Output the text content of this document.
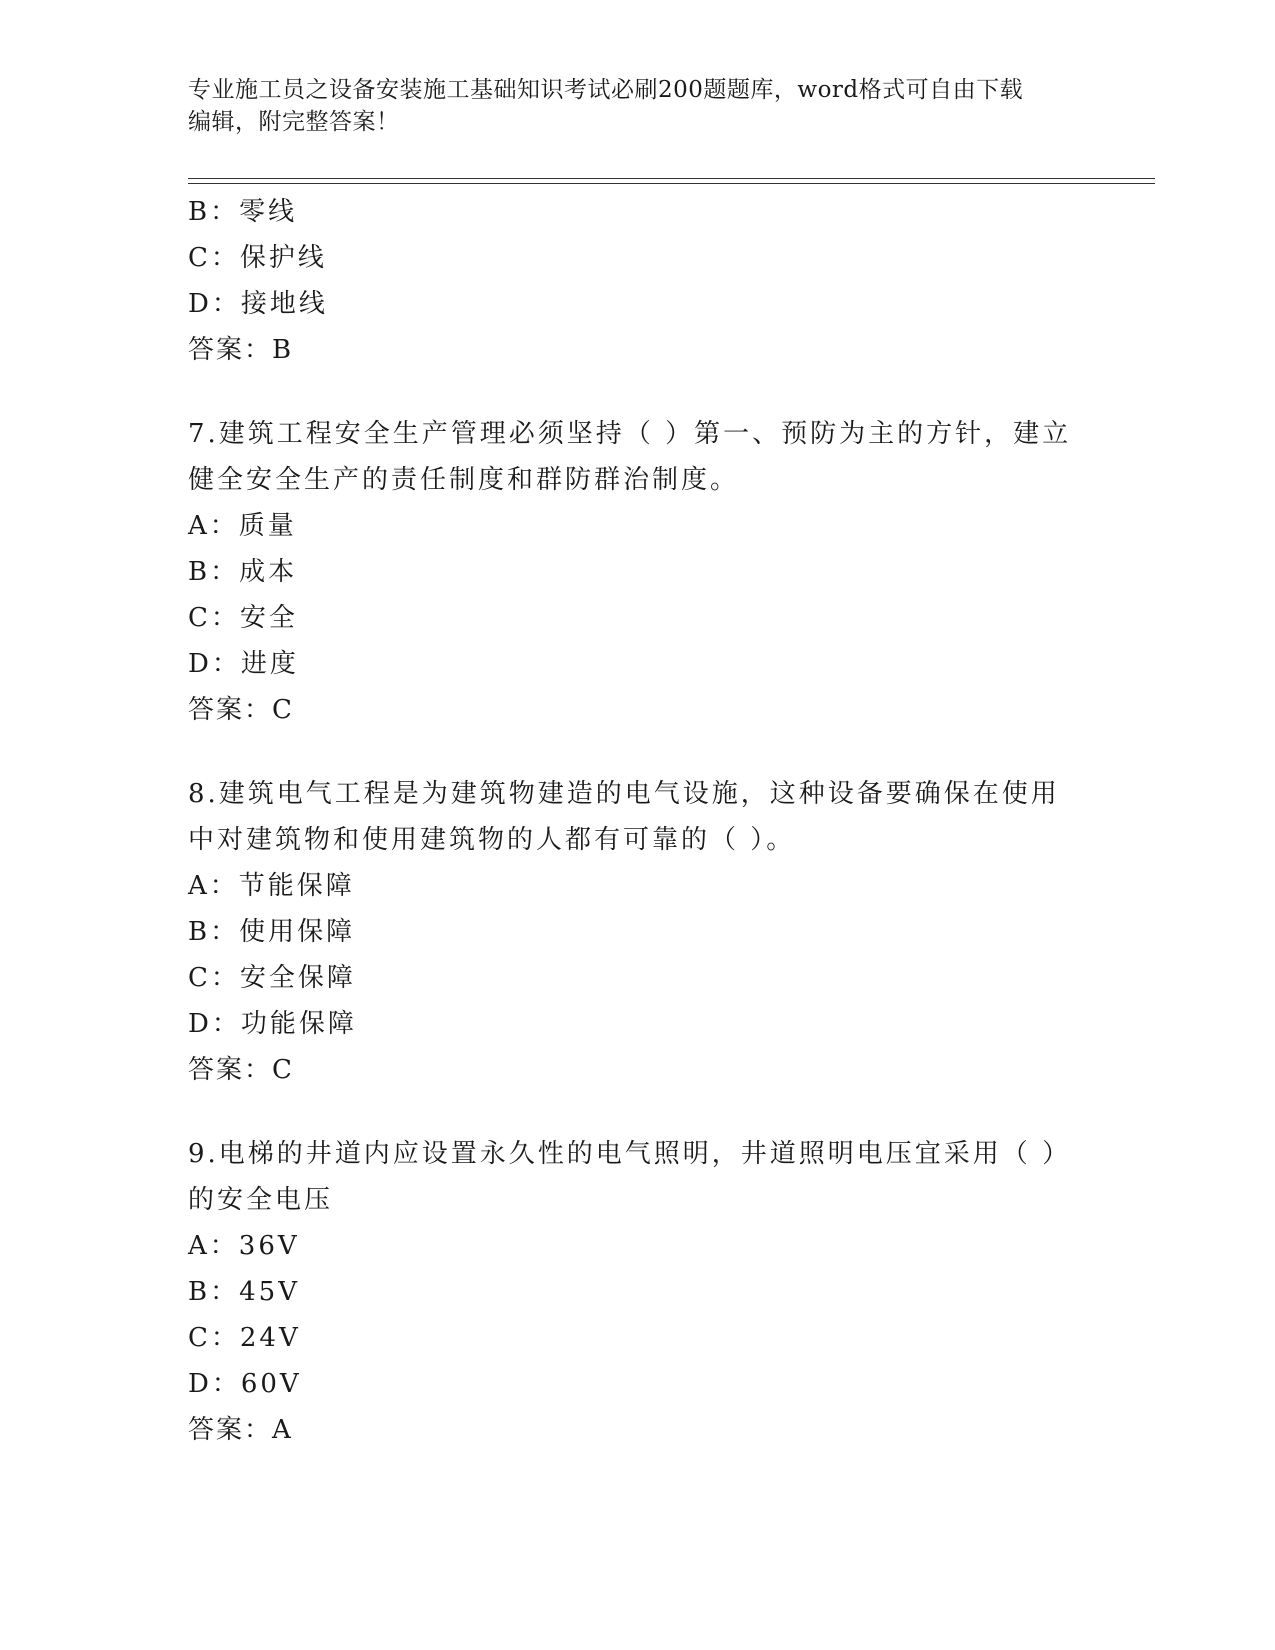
专业施工员之设备安装施工基础知识考试必刷200题题库，word格式可自由下载
编辑，附完整答案！
B：零线
C：保护线
D：接地线
答案：B
7.建筑工程安全生产管理必须坚持（ ）第一、预防为主的方针，建立
健全安全生产的责任制度和群防群治制度。
A：质量
B：成本
C：安全
D：进度
答案：C
8.建筑电气工程是为建筑物建造的电气设施，这种设备要确保在使用
中对建筑物和使用建筑物的人都有可靠的（ ）。
A：节能保障
B：使用保障
C：安全保障
D：功能保障
答案：C
9.电梯的井道内应设置永久性的电气照明，井道照明电压宜采用（ ）
的安全电压
A：36V
B：45V
C：24V
D：60V
答案：A
